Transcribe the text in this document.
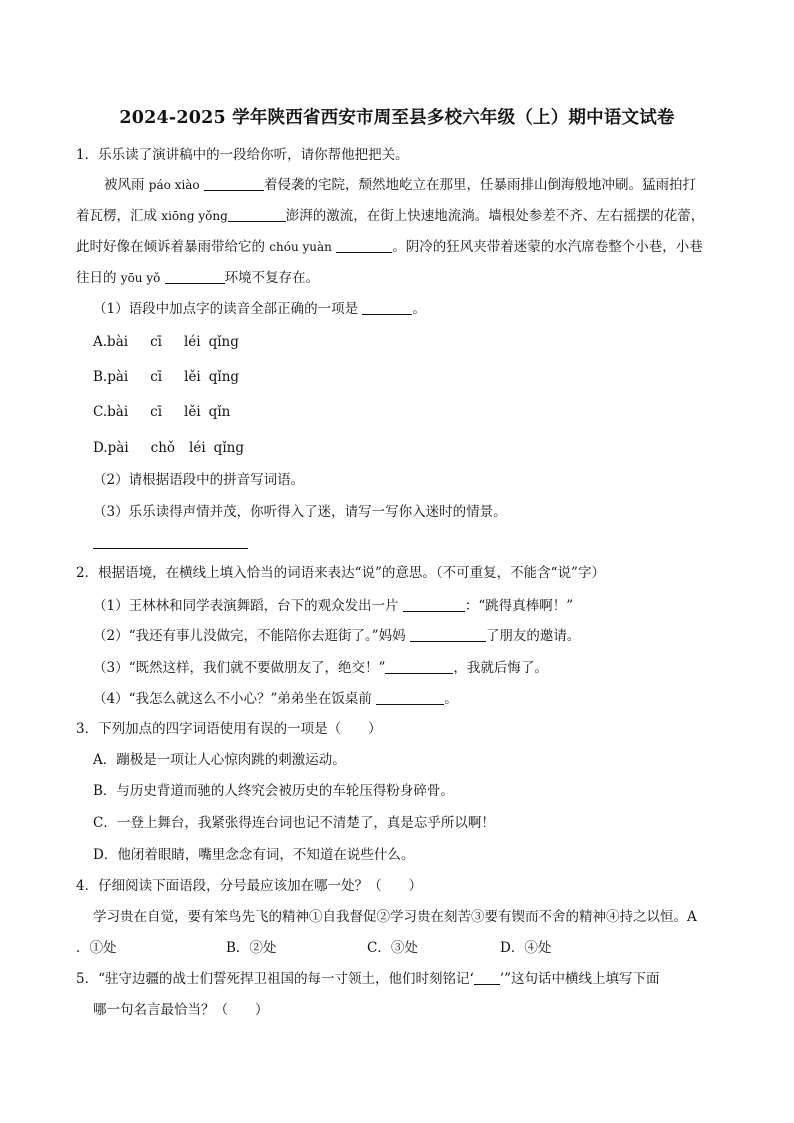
2024-2025 学年陕西省西安市周至县多校六年级（上）期中语文试卷
1．乐乐读了演讲稿中的一段给你听，请你帮他把把关。
被风雨 páo xiào	着侵袭的宅院，颓然地屹立在那里，任暴雨排山倒海般地冲刷。猛雨拍打
着瓦楞，汇成 xiōng yǒng	澎湃的激流，在街上快速地流淌。墙根处参差不齐、左右摇摆的花蕾，
此时好像在倾诉着暴雨带给它的 chóu yuàn	。阴冷的狂风夹带着迷蒙的水汽席卷整个小巷，小巷
往日的 yōu yǒ	环境不复存在。
（1）语段中加点字的读音全部正确的一项是	。
A.bài cī léi qǐng
B.pài cī lěi qǐng
C.bài cī lěi qǐn
D.pài chǒ léi qǐng
（2）请根据语段中的拼音写词语。
（3）乐乐读得声情并茂，你听得入了迷，请写一写你入迷时的情景。
2．根据语境，在横线上填入恰当的词语来表达“说”的意思。（不可重复，不能含“说”字）
（1）王林林和同学表演舞蹈，台下的观众发出一片	：“跳得真棒啊！”
（2）“我还有事儿没做完，不能陪你去逛街了。”妈妈	了朋友的邀请。
（3）“既然这样，我们就不要做朋友了，绝交！”	，我就后悔了。
（4）“我怎么就这么不小心？”弟弟坐在饭桌前	。
3．下列加点的四字词语使用有误的一项是（　　）
A．蹦极是一项让人心惊肉跳的刺激运动。
B．与历史背道而驰的人终究会被历史的车轮压得粉身碎骨。
C．一登上舞台，我紧张得连台词也记不清楚了，真是忘乎所以啊！
D．他闭着眼睛，嘴里念念有词，不知道在说些什么。
4．仔细阅读下面语段，分号最应该加在哪一处？（　　）
学习贵在自觉，要有笨鸟先飞的精神①自我督促②学习贵在刻苦③要有锲而不舍的精神④持之以恒。A
．①处	B．②处	C．③处	D．④处
5．“驻守边疆的战士们誓死捍卫祖国的每一寸领土，他们时刻铭记‘ ’”这句话中横线上填写下面
哪一句名言最恰当？（　　）
